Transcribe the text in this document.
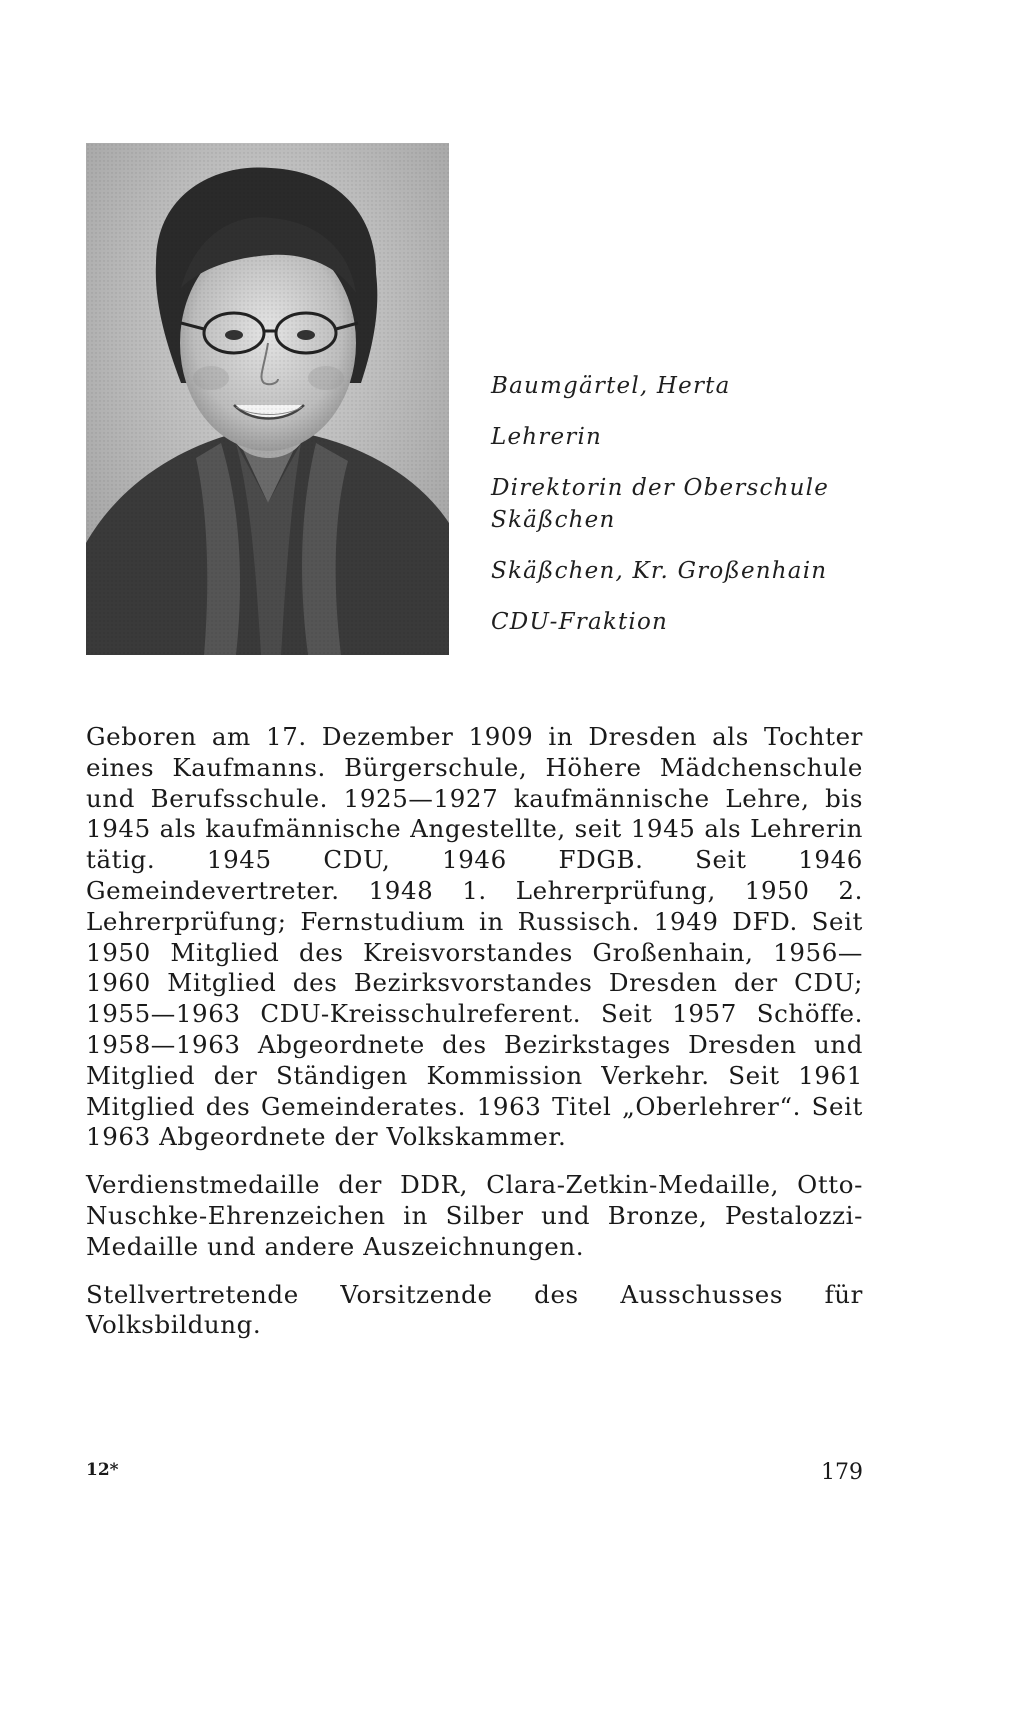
Baumgärtel, Herta
Lehrerin
Direktorin der Oberschule
Skäßchen
Skäßchen, Kr. Großenhain
CDU-Fraktion

Geboren am 17. Dezember 1909 in Dresden als Tochter eines Kaufmanns. Bürgerschule, Höhere Mädchenschule und Berufsschule. 1925—1927 kaufmännische Lehre, bis 1945 als kaufmännische Angestellte, seit 1945 als Lehrerin tätig. 1945 CDU, 1946 FDGB. Seit 1946 Gemeindevertreter. 1948 1. Lehrerprüfung, 1950 2. Lehrerprüfung; Fernstudium in Russisch. 1949 DFD. Seit 1950 Mitglied des Kreisvorstandes Großenhain, 1956—1960 Mitglied des Bezirksvorstandes Dresden der CDU; 1955—1963 CDU-Kreisschulreferent. Seit 1957 Schöffe. 1958—1963 Abgeordnete des Bezirkstages Dresden und Mitglied der Ständigen Kommission Verkehr. Seit 1961 Mitglied des Gemeinderates. 1963 Titel „Oberlehrer“. Seit 1963 Abgeordnete der Volkskammer.

Verdienstmedaille der DDR, Clara-Zetkin-Medaille, Otto-Nuschke-Ehrenzeichen in Silber und Bronze, Pestalozzi-Medaille und andere Auszeichnungen.

Stellvertretende Vorsitzende des Ausschusses für Volksbildung.

12*	179
